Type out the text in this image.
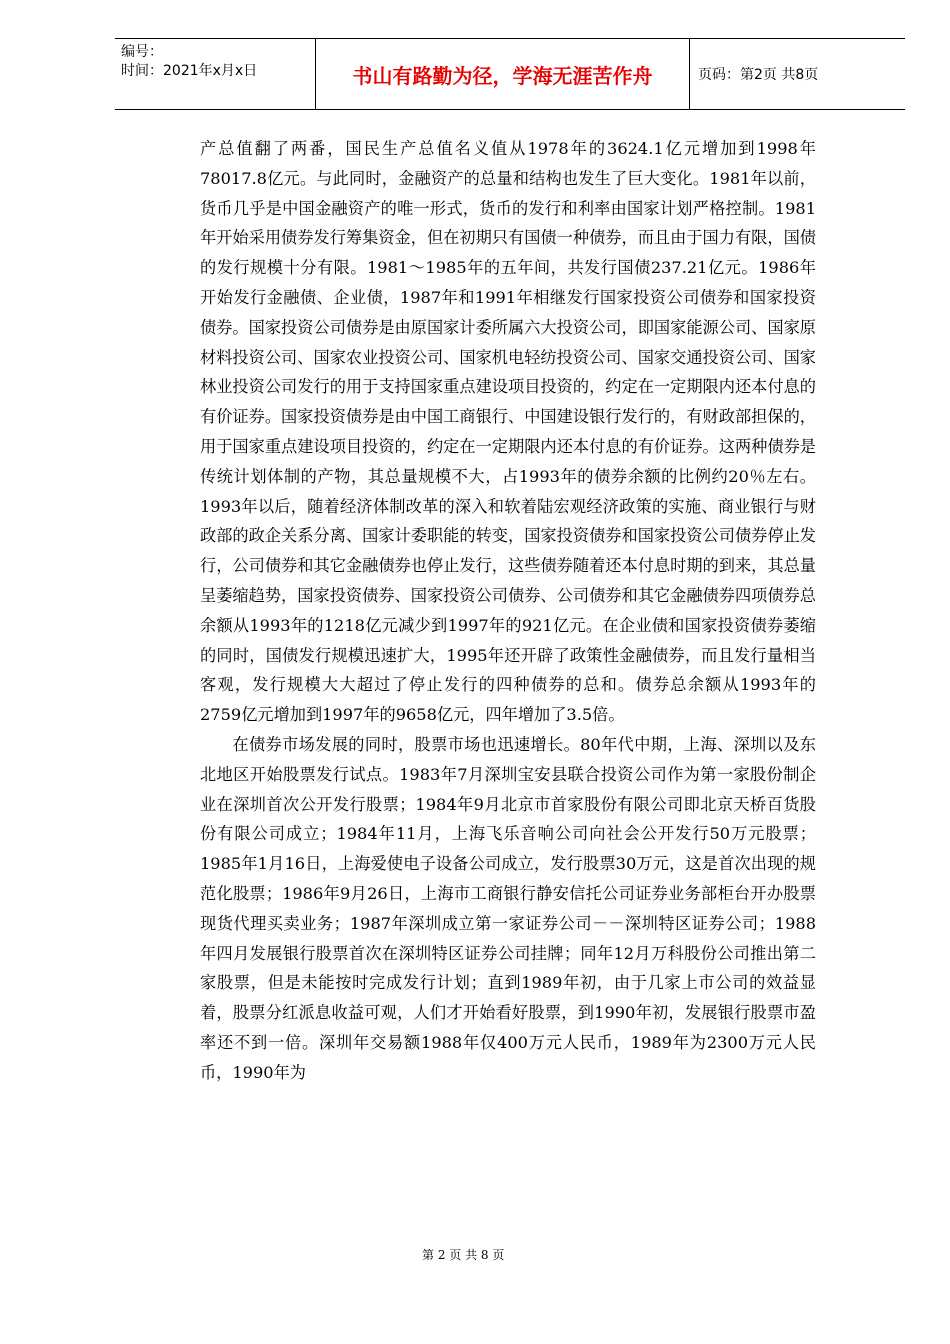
编号：
时间：2021年x月x日	书山有路勤为径，学海无涯苦作舟	页码：第2页 共8页

产总值翻了两番，国民生产总值名义值从1978年的3624.1亿元增加到1998年78017.8亿元。与此同时，金融资产的总量和结构也发生了巨大变化。1981年以前，货币几乎是中国金融资产的唯一形式，货币的发行和利率由国家计划严格控制。1981年开始采用债券发行筹集资金，但在初期只有国债一种债券，而且由于国力有限，国债的发行规模十分有限。1981～1985年的五年间，共发行国债237.21亿元。1986年开始发行金融债、企业债，1987年和1991年相继发行国家投资公司债券和国家投资债券。国家投资公司债券是由原国家计委所属六大投资公司，即国家能源公司、国家原材料投资公司、国家农业投资公司、国家机电轻纺投资公司、国家交通投资公司、国家林业投资公司发行的用于支持国家重点建设项目投资的，约定在一定期限内还本付息的有价证券。国家投资债券是由中国工商银行、中国建设银行发行的，有财政部担保的，用于国家重点建设项目投资的，约定在一定期限内还本付息的有价证券。这两种债券是传统计划体制的产物，其总量规模不大，占1993年的债券余额的比例约20％左右。1993年以后，随着经济体制改革的深入和软着陆宏观经济政策的实施、商业银行与财政部的政企关系分离、国家计委职能的转变，国家投资债券和国家投资公司债券停止发行，公司债券和其它金融债券也停止发行，这些债券随着还本付息时期的到来，其总量呈萎缩趋势，国家投资债券、国家投资公司债券、公司债券和其它金融债券四项债券总余额从1993年的1218亿元减少到1997年的921亿元。在企业债和国家投资债券萎缩的同时，国债发行规模迅速扩大，1995年还开辟了政策性金融债券，而且发行量相当客观，发行规模大大超过了停止发行的四种债券的总和。债券总余额从1993年的2759亿元增加到1997年的9658亿元，四年增加了3.5倍。

在债券市场发展的同时，股票市场也迅速增长。80年代中期，上海、深圳以及东北地区开始股票发行试点。1983年7月深圳宝安县联合投资公司作为第一家股份制企业在深圳首次公开发行股票；1984年9月北京市首家股份有限公司即北京天桥百货股份有限公司成立；1984年11月，上海飞乐音响公司向社会公开发行50万元股票；1985年1月16日，上海爱使电子设备公司成立，发行股票30万元，这是首次出现的规范化股票；1986年9月26日，上海市工商银行静安信托公司证券业务部柜台开办股票现货代理买卖业务；1987年深圳成立第一家证券公司－－深圳特区证券公司；1988年四月发展银行股票首次在深圳特区证券公司挂牌；同年12月万科股份公司推出第二家股票，但是未能按时完成发行计划；直到1989年初，由于几家上市公司的效益显着，股票分红派息收益可观，人们才开始看好股票，到1990年初，发展银行股票市盈率还不到一倍。深圳年交易额1988年仅400万元人民币，1989年为2300万元人民币，1990年为

第 2 页 共 8 页
